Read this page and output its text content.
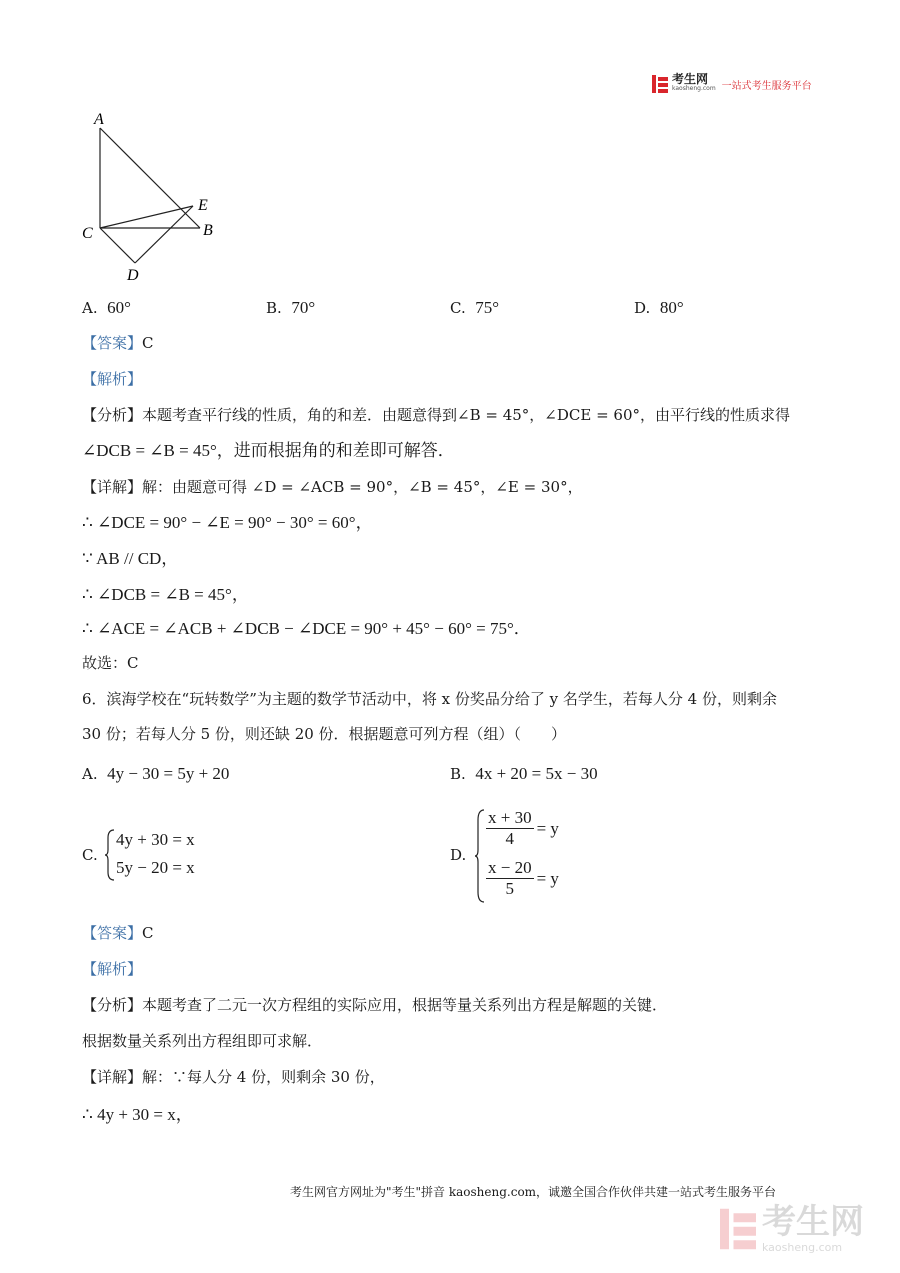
考生网
kaosheng.com 一站式考生服务平台
A
E
C	B
D
A. 60°	B. 70°	C. 75°	D. 80°
【答案】C
【解析】
【分析】本题考查平行线的性质，角的和差．由题意得到∠B = 45°，∠DCE = 60°，由平行线的性质求得
∠DCB = ∠B = 45°，进而根据角的和差即可解答．
【详解】解：由题意可得 ∠D = ∠ACB = 90°，∠B = 45°，∠E = 30°，
∴ ∠DCE = 90° − ∠E = 90° − 30° = 60°，
∵ AB // CD，
∴ ∠DCB = ∠B = 45°，
∴ ∠ACE = ∠ACB + ∠DCB − ∠DCE = 90° + 45° − 60° = 75°．
故选：C
6．滨海学校在“玩转数学”为主题的数学节活动中，将 x 份奖品分给了 y 名学生，若每人分 4 份，则剩余
30 份；若每人分 5 份，则还缺 20 份．根据题意可列方程（组）（　　）
A. 4y − 30 = 5y + 20	B. 4x + 20 = 5x − 30
C.
4y + 30 = x
5y − 20 = x
D.
$\frac{x + 30}{4} = y$
$\frac{x - 20}{5} = y$
【答案】C
【解析】
【分析】本题考查了二元一次方程组的实际应用，根据等量关系列出方程是解题的关键．
根据数量关系列出方程组即可求解．
【详解】解：∵每人分 4 份，则剩余 30 份，
∴ 4y + 30 = x，
考生网官方网址为"考生"拼音 kaosheng.com，诚邀全国合作伙伴共建一站式考生服务平台
考生网
kaosheng.com
